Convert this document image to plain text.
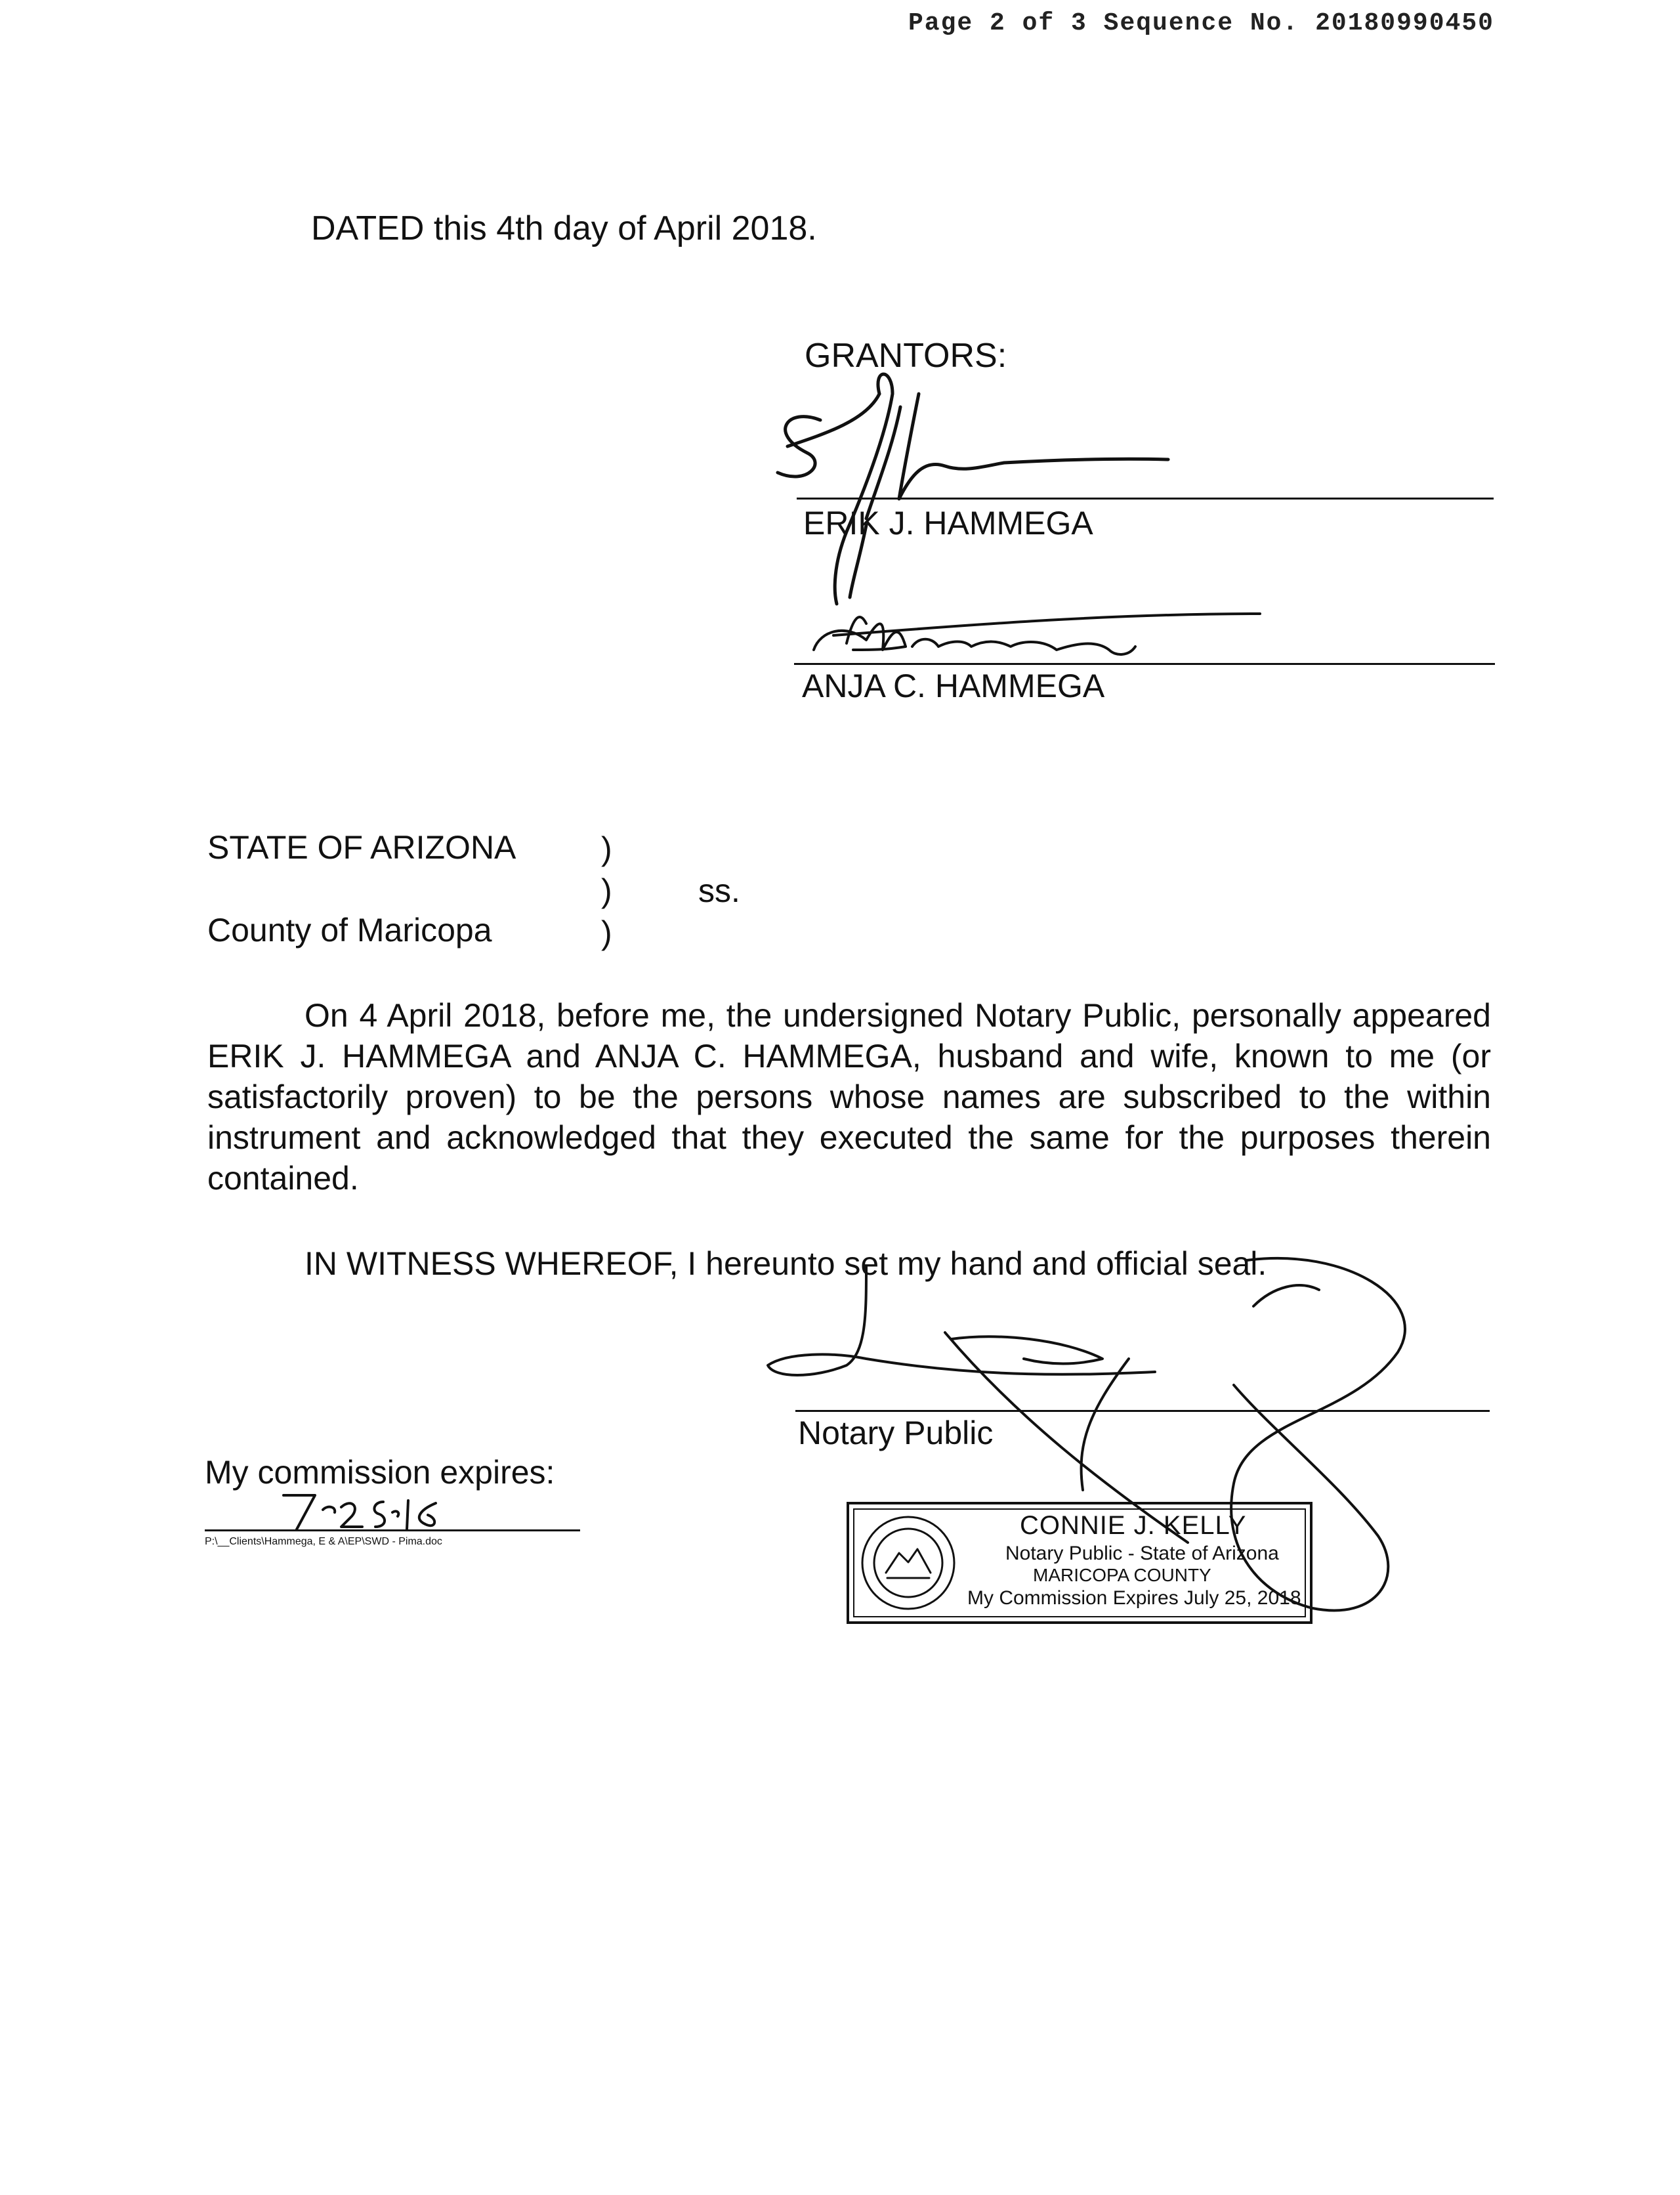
Page 2 of 3 Sequence No. 20180990450
DATED this 4th day of April 2018.
GRANTORS:
ERIK J. HAMMEGA
ANJA C. HAMMEGA
STATE OF ARIZONA	)
)
)
ss.
County of Maricopa
On 4 April 2018, before me, the undersigned Notary Public, personally appeared ERIK J. HAMMEGA and ANJA C. HAMMEGA, husband and wife, known to me (or satisfactorily proven) to be the persons whose names are subscribed to the within instrument and acknowledged that they executed the same for the purposes therein contained.
IN WITNESS WHEREOF, I hereunto set my hand and official seal.
Notary Public
My commission expires:
P:\__Clients\Hammega, E & A\EP\SWD - Pima.doc
CONNIE J. KELLY
Notary Public - State of Arizona
MARICOPA COUNTY
My Commission Expires July 25, 2018
